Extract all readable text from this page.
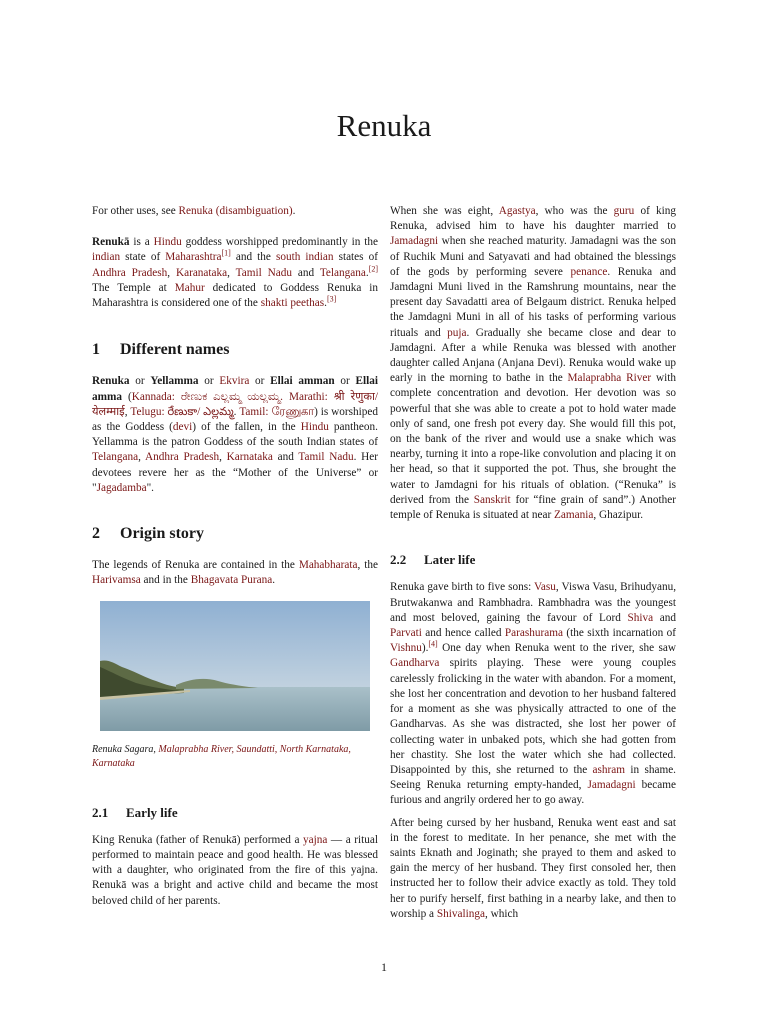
Renuka

For other uses, see Renuka (disambiguation).

Renukā is a Hindu goddess worshipped predominantly in the indian state of Maharashtra[1] and the south indian states of Andhra Pradesh, Karanataka, Tamil Nadu and Telangana.[2] The Temple at Mahur dedicated to Goddess Renuka in Maharashtra is considered one of the shakti peethas.[3]

1 Different names

Renuka or Yellamma or Ekvira or Ellai amman or Ellai amma (Kannada: ರೇಣುಕ ಎಲ್ಲಮ್ಮ ಯಲ್ಲಮ್ಮ. Marathi: श्री रेणुका/ येलम्माई, Telugu: రేణుకా/ ఎల్లమ్మ. Tamil: ரேணுகா) is worshiped as the Goddess (devi) of the fallen, in the Hindu pantheon. Yellamma is the patron Goddess of the south Indian states of Telangana, Andhra Pradesh, Karnataka and Tamil Nadu. Her devotees revere her as the “Mother of the Universe” or "Jagadamba".

2 Origin story

The legends of Renuka are contained in the Mahabharata, the Harivamsa and in the Bhagavata Purana.

Renuka Sagara, Malaprabha River, Saundatti, North Karnataka, Karnataka
2.1 Early life

King Renuka (father of Renukā) performed a yajna — a ritual performed to maintain peace and good health. He was blessed with a daughter, who originated from the fire of this yajna. Renukā was a bright and active child and became the most beloved child of her parents.

When she was eight, Agastya, who was the guru of king Renuka, advised him to have his daughter married to Jamadagni when she reached maturity. Jamadagni was the son of Ruchik Muni and Satyavati and had obtained the blessings of the gods by performing severe penance. Renuka and Jamdagni Muni lived in the Ramshrung mountains, near the present day Savadatti area of Belgaum district. Renuka helped the Jamdagni Muni in all of his tasks of performing various rituals and puja. Gradually she became close and dear to Jamdagni. After a while Renuka was blessed with another daughter called Anjana (Anjana Devi). Renuka would wake up early in the morning to bathe in the Malaprabha River with complete concentration and devotion. Her devotion was so powerful that she was able to create a pot to hold water made only of sand, one fresh pot every day. She would fill this pot, on the bank of the river and would use a snake which was nearby, turning it into a rope-like convolution and placing it on her head, so that it supported the pot. Thus, she brought the water to Jamdagni for his rituals of oblation. (“Renuka” is derived from the Sanskrit for “fine grain of sand”.) Another temple of Renuka is situated at near Zamania, Ghazipur.

2.2 Later life

Renuka gave birth to five sons: Vasu, Viswa Vasu, Brihudyanu, Brutwakanwa and Rambhadra. Rambhadra was the youngest and most beloved, gaining the favour of Lord Shiva and Parvati and hence called Parashurama (the sixth incarnation of Vishnu).[4] One day when Renuka went to the river, she saw Gandharva spirits playing. These were young couples carelessly frolicking in the water with abandon. For a moment, she lost her concentration and devotion to her husband faltered for a moment as she was physically attracted to one of the Gandharvas. As she was distracted, she lost her power of collecting water in unbaked pots, which she had gotten from her chastity. She lost the water which she had collected. Disappointed by this, she returned to the ashram in shame. Seeing Renuka returning empty-handed, Jamadagni became furious and angrily ordered her to go away.

After being cursed by her husband, Renuka went east and sat in the forest to meditate. In her penance, she met with the saints Eknath and Joginath; she prayed to them and asked to gain the mercy of her husband. They first consoled her, then instructed her to follow their advice exactly as told. They told her to purify herself, first bathing in a nearby lake, and then to worship a Shivalinga, which

1
